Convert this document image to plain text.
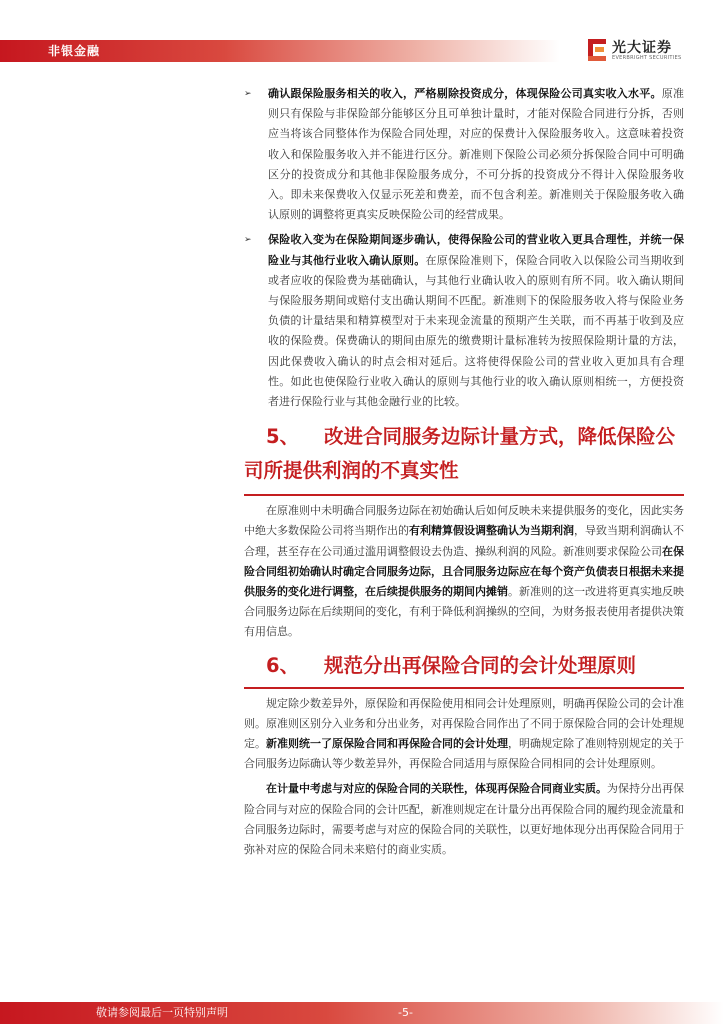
非银金融	光大证券
EVERBRIGHT SECURITIES
➢	确认跟保险服务相关的收入，严格剔除投资成分，体现保险公司真实收入水平。原准则只有保险与非保险部分能够区分且可单独计量时，才能对保险合同进行分拆，否则应当将该合同整体作为保险合同处理，对应的保费计入保险服务收入。这意味着投资收入和保险服务收入并不能进行区分。新准则下保险公司必须分拆保险合同中可明确区分的投资成分和其他非保险服务成分，不可分拆的投资成分不得计入保险服务收入。即未来保费收入仅显示死差和费差，而不包含利差。新准则关于保险服务收入确认原则的调整将更真实反映保险公司的经营成果。
➢	保险收入变为在保险期间逐步确认，使得保险公司的营业收入更具合理性，并统一保险业与其他行业收入确认原则。在原保险准则下，保险合同收入以保险公司当期收到或者应收的保险费为基础确认，与其他行业确认收入的原则有所不同。收入确认期间与保险服务期间或赔付支出确认期间不匹配。新准则下的保险服务收入将与保险业务负债的计量结果和精算模型对于未来现金流量的预期产生关联，而不再基于收到及应收的保险费。保费确认的期间由原先的缴费期计量标准转为按照保险期计量的方法，因此保费收入确认的时点会相对延后。这将使得保险公司的营业收入更加具有合理性。如此也使保险行业收入确认的原则与其他行业的收入确认原则相统一，方便投资者进行保险行业与其他金融行业的比较。
5、 改进合同服务边际计量方式，降低保险公司所提供利润的不真实性
在原准则中未明确合同服务边际在初始确认后如何反映未来提供服务的变化，因此实务中绝大多数保险公司将当期作出的有利精算假设调整确认为当期利润，导致当期利润确认不合理，甚至存在公司通过滥用调整假设去伪造、操纵利润的风险。新准则要求保险公司在保险合同组初始确认时确定合同服务边际，且合同服务边际应在每个资产负债表日根据未来提供服务的变化进行调整，在后续提供服务的期间内摊销。新准则的这一改进将更真实地反映合同服务边际在后续期间的变化，有利于降低利润操纵的空间，为财务报表使用者提供决策有用信息。
6、 规范分出再保险合同的会计处理原则
规定除少数差异外，原保险和再保险使用相同会计处理原则，明确再保险公司的会计准则。原准则区别分入业务和分出业务，对再保险合同作出了不同于原保险合同的会计处理规定。新准则统一了原保险合同和再保险合同的会计处理，明确规定除了准则特别规定的关于合同服务边际确认等少数差异外，再保险合同适用与原保险合同相同的会计处理原则。
在计量中考虑与对应的保险合同的关联性，体现再保险合同商业实质。为保持分出再保险合同与对应的保险合同的会计匹配，新准则规定在计量分出再保险合同的履约现金流量和合同服务边际时，需要考虑与对应的保险合同的关联性，以更好地体现分出再保险合同用于弥补对应的保险合同未来赔付的商业实质。
敬请参阅最后一页特别声明	-5-
